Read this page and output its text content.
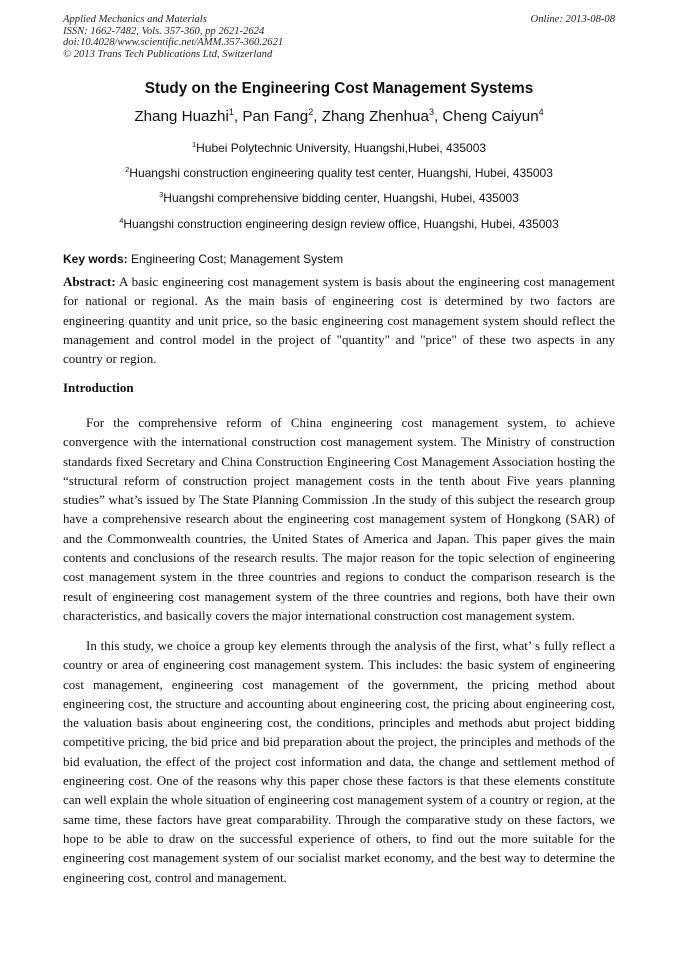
Applied Mechanics and Materials
ISSN: 1662-7482, Vols. 357-360, pp 2621-2624
doi:10.4028/www.scientific.net/AMM.357-360.2621
© 2013 Trans Tech Publications Ltd, Switzerland
Online: 2013-08-08
Study on the Engineering Cost Management Systems
Zhang Huazhi$^1$, Pan Fang$^2$, Zhang Zhenhua$^3$, Cheng Caiyun$^4$
$^1$Hubei Polytechnic University, Huangshi,Hubei, 435003
$^2$Huangshi construction engineering quality test center, Huangshi, Hubei, 435003
$^3$Huangshi comprehensive bidding center, Huangshi, Hubei, 435003
$^4$Huangshi construction engineering design review office, Huangshi, Hubei, 435003
Key words: Engineering Cost; Management System
Abstract: A basic engineering cost management system is basis about the engineering cost management for national or regional. As the main basis of engineering cost is determined by two factors are engineering quantity and unit price, so the basic engineering cost management system should reflect the management and control model in the project of "quantity" and "price" of these two aspects in any country or region.
Introduction
For the comprehensive reform of China engineering cost management system, to achieve convergence with the international construction cost management system. The Ministry of construction standards fixed Secretary and China Construction Engineering Cost Management Association hosting the “structural reform of construction project management costs in the tenth about Five years planning studies” what’s issued by The State Planning Commission .In the study of this subject the research group have a comprehensive research about the engineering cost management system of Hongkong (SAR) of and the Commonwealth countries, the United States of America and Japan. This paper gives the main contents and conclusions of the research results. The major reason for the topic selection of engineering cost management system in the three countries and regions to conduct the comparison research is the result of engineering cost management system of the three countries and regions, both have their own characteristics, and basically covers the major international construction cost management system.
In this study, we choice a group key elements through the analysis of the first, what’ s fully reflect a country or area of engineering cost management system. This includes: the basic system of engineering cost management, engineering cost management of the government, the pricing method about engineering cost, the structure and accounting about engineering cost, the pricing about engineering cost, the valuation basis about engineering cost, the conditions, principles and methods abut project bidding competitive pricing, the bid price and bid preparation about the project, the principles and methods of the bid evaluation, the effect of the project cost information and data, the change and settlement method of engineering cost. One of the reasons why this paper chose these factors is that these elements constitute can well explain the whole situation of engineering cost management system of a country or region, at the same time, these factors have great comparability. Through the comparative study on these factors, we hope to be able to draw on the successful experience of others, to find out the more suitable for the engineering cost management system of our socialist market economy, and the best way to determine the engineering cost, control and management.
